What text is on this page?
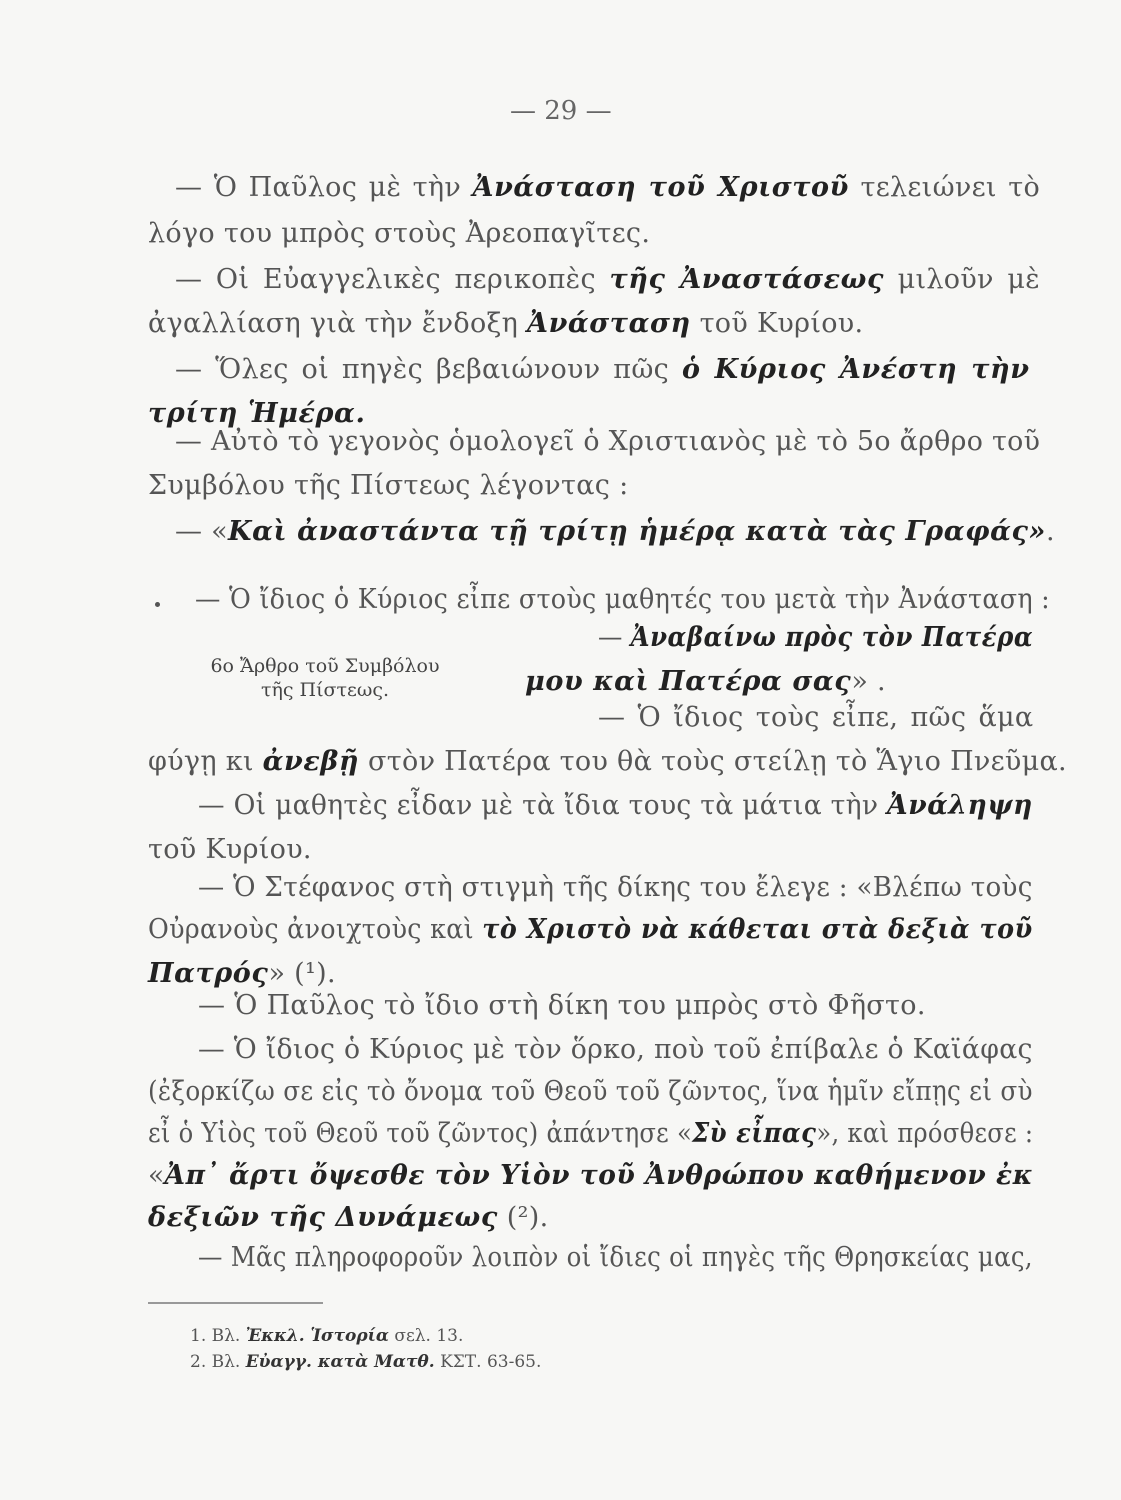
— 29 —
— Ὁ Παῦλος μὲ τὴν Ἀνάσταση τοῦ Χριστοῦ τελειώνει τὸ
λόγο του μπρὸς στοὺς Ἀρεοπαγῖτες.
— Οἱ Εὐαγγελικὲς περικοπὲς τῆς Ἀναστάσεως μιλοῦν μὲ
ἀγαλλίαση γιὰ τὴν ἔνδοξη Ἀνάσταση τοῦ Κυρίου.
— Ὅλες οἱ πηγὲς βεβαιώνουν πῶς ὁ Κύριος Ἀνέστη τὴν
τρίτη Ἡμέρα.
— Αὐτὸ τὸ γεγονὸς ὁμολογεῖ ὁ Χριστιανὸς μὲ τὸ 5ο ἄρθρο τοῦ
Συμβόλου τῆς Πίστεως λέγοντας :
— «Καὶ ἀναστάντα τῇ τρίτῃ ἡμέρᾳ κατὰ τὰς Γραφάς».
— Ὁ ἴδιος ὁ Κύριος εἶπε στοὺς μαθητές του μετὰ τὴν Ἀνάσταση :
— Ἀναβαίνω πρὸς τὸν Πατέρα
μου καὶ Πατέρα σας» .
— Ὁ ἴδιος τοὺς εἶπε, πῶς ἅμα
φύγῃ κι ἀνεβῇ στὸν Πατέρα του θὰ τοὺς στείλῃ τὸ Ἅγιο Πνεῦμα.
— Οἱ μαθητὲς εἶδαν μὲ τὰ ἴδια τους τὰ μάτια τὴν Ἀνάληψη
τοῦ Κυρίου.
— Ὁ Στέφανος στὴ στιγμὴ τῆς δίκης του ἔλεγε : «Βλέπω τοὺς
Οὐρανοὺς ἀνοιχτοὺς καὶ τὸ Χριστὸ νὰ κάθεται στὰ δεξιὰ τοῦ
Πατρός» (¹).
— Ὁ Παῦλος τὸ ἴδιο στὴ δίκη του μπρὸς στὸ Φῆστο.
— Ὁ ἴδιος ὁ Κύριος μὲ τὸν ὅρκο, ποὺ τοῦ ἐπίβαλε ὁ Καϊάφας
(ἐξορκίζω σε εἰς τὸ ὄνομα τοῦ Θεοῦ τοῦ ζῶντος, ἵνα ἡμῖν εἴπῃς εἰ σὺ
εἶ ὁ Υἱὸς τοῦ Θεοῦ τοῦ ζῶντος) ἀπάντησε «Σὺ εἶπας», καὶ πρόσθεσε :
«Ἀπ᾿ ἄρτι ὄψεσθε τὸν Υἱὸν τοῦ Ἀνθρώπου καθήμενον ἐκ
δεξιῶν τῆς Δυνάμεως (²).
— Μᾶς πληροφοροῦν λοιπὸν οἱ ἴδιες οἱ πηγὲς τῆς Θρησκείας μας,
6ο Ἄρθρο τοῦ Συμβόλου
τῆς Πίστεως.
1. Βλ. Ἐκκλ. Ἱστορία σελ. 13.
2. Βλ. Εὐαγγ. κατὰ Ματθ. ΚΣΤ. 63-65.
